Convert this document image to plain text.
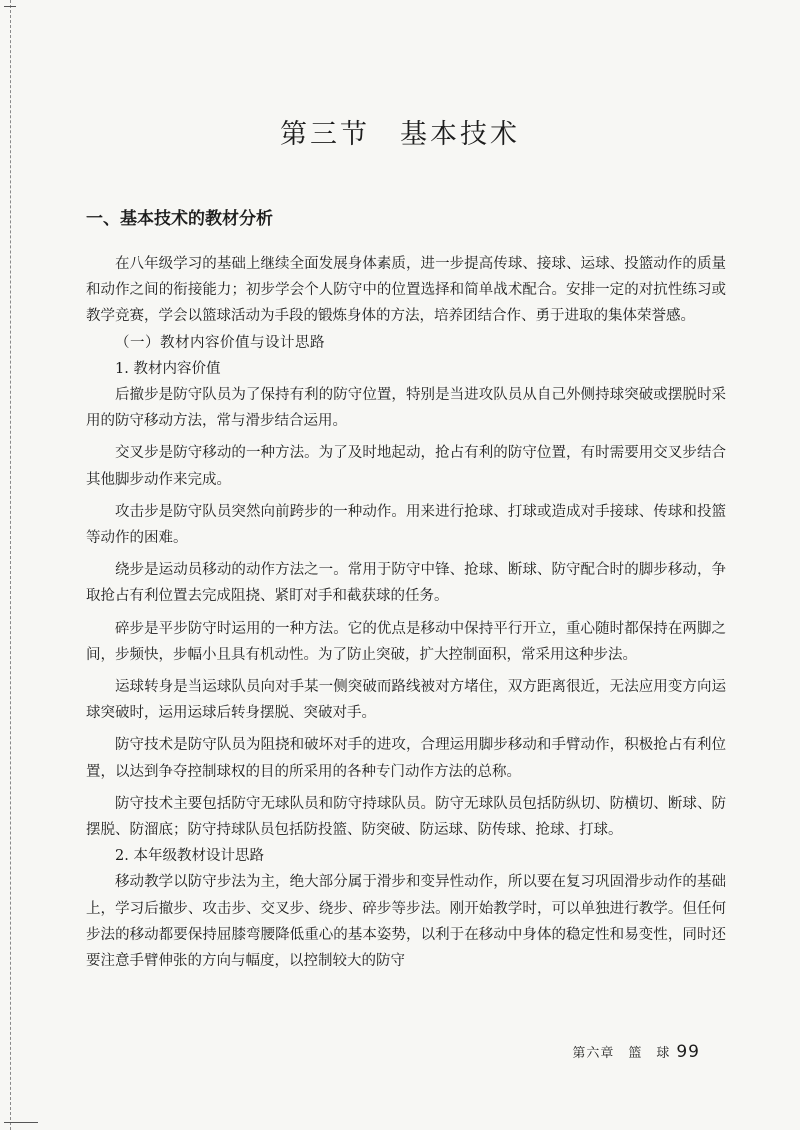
第三节 基本技术
一、基本技术的教材分析

在八年级学习的基础上继续全面发展身体素质，进一步提高传球、接球、运球、投篮动作的质量和动作之间的衔接能力；初步学会个人防守中的位置选择和简单战术配合。安排一定的对抗性练习或教学竞赛，学会以篮球活动为手段的锻炼身体的方法，培养团结合作、勇于进取的集体荣誉感。

（一）教材内容价值与设计思路

1. 教材内容价值

后撤步是防守队员为了保持有利的防守位置，特别是当进攻队员从自己外侧持球突破或摆脱时采用的防守移动方法，常与滑步结合运用。

交叉步是防守移动的一种方法。为了及时地起动，抢占有利的防守位置，有时需要用交叉步结合其他脚步动作来完成。

攻击步是防守队员突然向前跨步的一种动作。用来进行抢球、打球或造成对手接球、传球和投篮等动作的困难。

绕步是运动员移动的动作方法之一。常用于防守中锋、抢球、断球、防守配合时的脚步移动，争取抢占有利位置去完成阻挠、紧盯对手和截获球的任务。

碎步是平步防守时运用的一种方法。它的优点是移动中保持平行开立，重心随时都保持在两脚之间，步频快，步幅小且具有机动性。为了防止突破，扩大控制面积，常采用这种步法。

运球转身是当运球队员向对手某一侧突破而路线被对方堵住，双方距离很近，无法应用变方向运球突破时，运用运球后转身摆脱、突破对手。

防守技术是防守队员为阻挠和破坏对手的进攻，合理运用脚步移动和手臂动作，积极抢占有利位置，以达到争夺控制球权的目的所采用的各种专门动作方法的总称。

防守技术主要包括防守无球队员和防守持球队员。防守无球队员包括防纵切、防横切、断球、防摆脱、防溜底；防守持球队员包括防投篮、防突破、防运球、防传球、抢球、打球。

2. 本年级教材设计思路

移动教学以防守步法为主，绝大部分属于滑步和变异性动作，所以要在复习巩固滑步动作的基础上，学习后撤步、攻击步、交叉步、绕步、碎步等步法。刚开始教学时，可以单独进行教学。但任何步法的移动都要保持屈膝弯腰降低重心的基本姿势，以利于在移动中身体的稳定性和易变性，同时还要注意手臂伸张的方向与幅度，以控制较大的防守

第六章　篮　球 99
